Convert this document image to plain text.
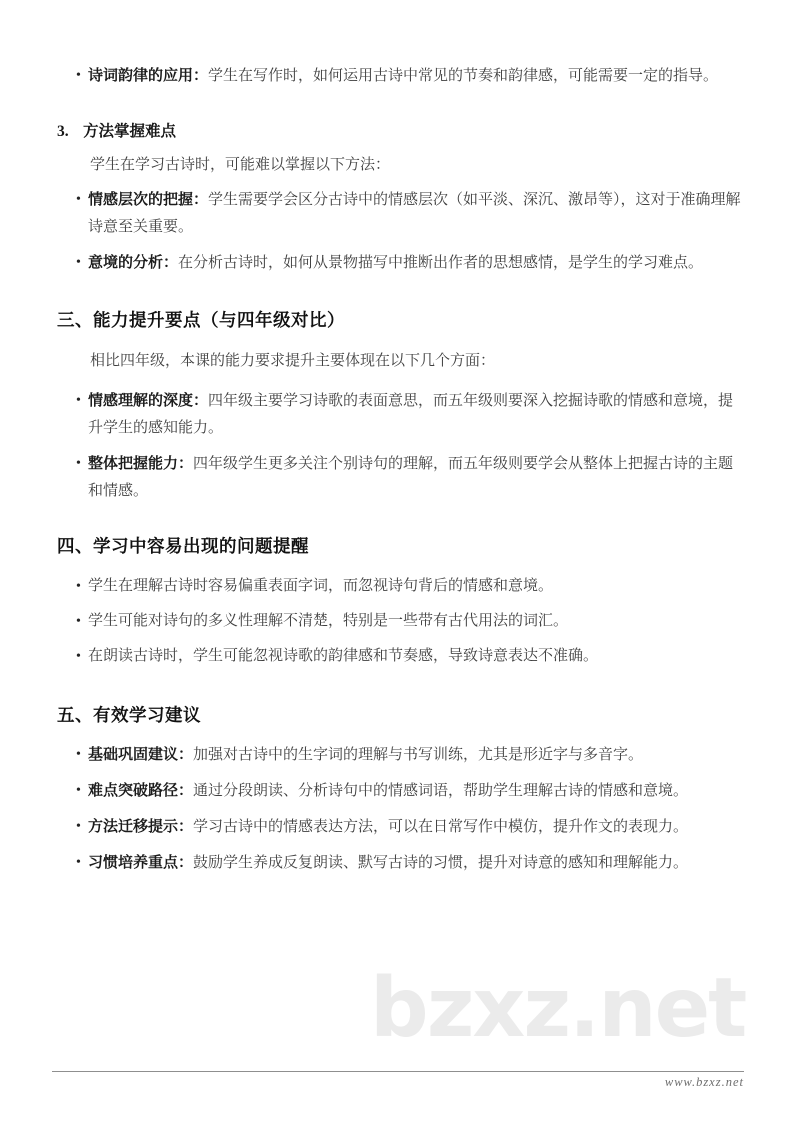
• 诗词韵律的应用：学生在写作时，如何运用古诗中常见的节奏和韵律感，可能需要一定的指导。
3. 方法掌握难点

学生在学习古诗时，可能难以掌握以下方法：

• 情感层次的把握：学生需要学会区分古诗中的情感层次（如平淡、深沉、激昂等），这对于准确理解诗意至关重要。
• 意境的分析：在分析古诗时，如何从景物描写中推断出作者的思想感情，是学生的学习难点。
三、能力提升要点（与四年级对比）

相比四年级，本课的能力要求提升主要体现在以下几个方面：

• 情感理解的深度：四年级主要学习诗歌的表面意思，而五年级则要深入挖掘诗歌的情感和意境，提升学生的感知能力。
• 整体把握能力：四年级学生更多关注个别诗句的理解，而五年级则要学会从整体上把握古诗的主题和情感。
四、学习中容易出现的问题提醒
• 学生在理解古诗时容易偏重表面字词，而忽视诗句背后的情感和意境。
• 学生可能对诗句的多义性理解不清楚，特别是一些带有古代用法的词汇。
• 在朗读古诗时，学生可能忽视诗歌的韵律感和节奏感，导致诗意表达不准确。
五、有效学习建议
• 基础巩固建议：加强对古诗中的生字词的理解与书写训练，尤其是形近字与多音字。
• 难点突破路径：通过分段朗读、分析诗句中的情感词语，帮助学生理解古诗的情感和意境。
• 方法迁移提示：学习古诗中的情感表达方法，可以在日常写作中模仿，提升作文的表现力。
• 习惯培养重点：鼓励学生养成反复朗读、默写古诗的习惯，提升对诗意的感知和理解能力。
bzxz.net
www.bzxz.net
